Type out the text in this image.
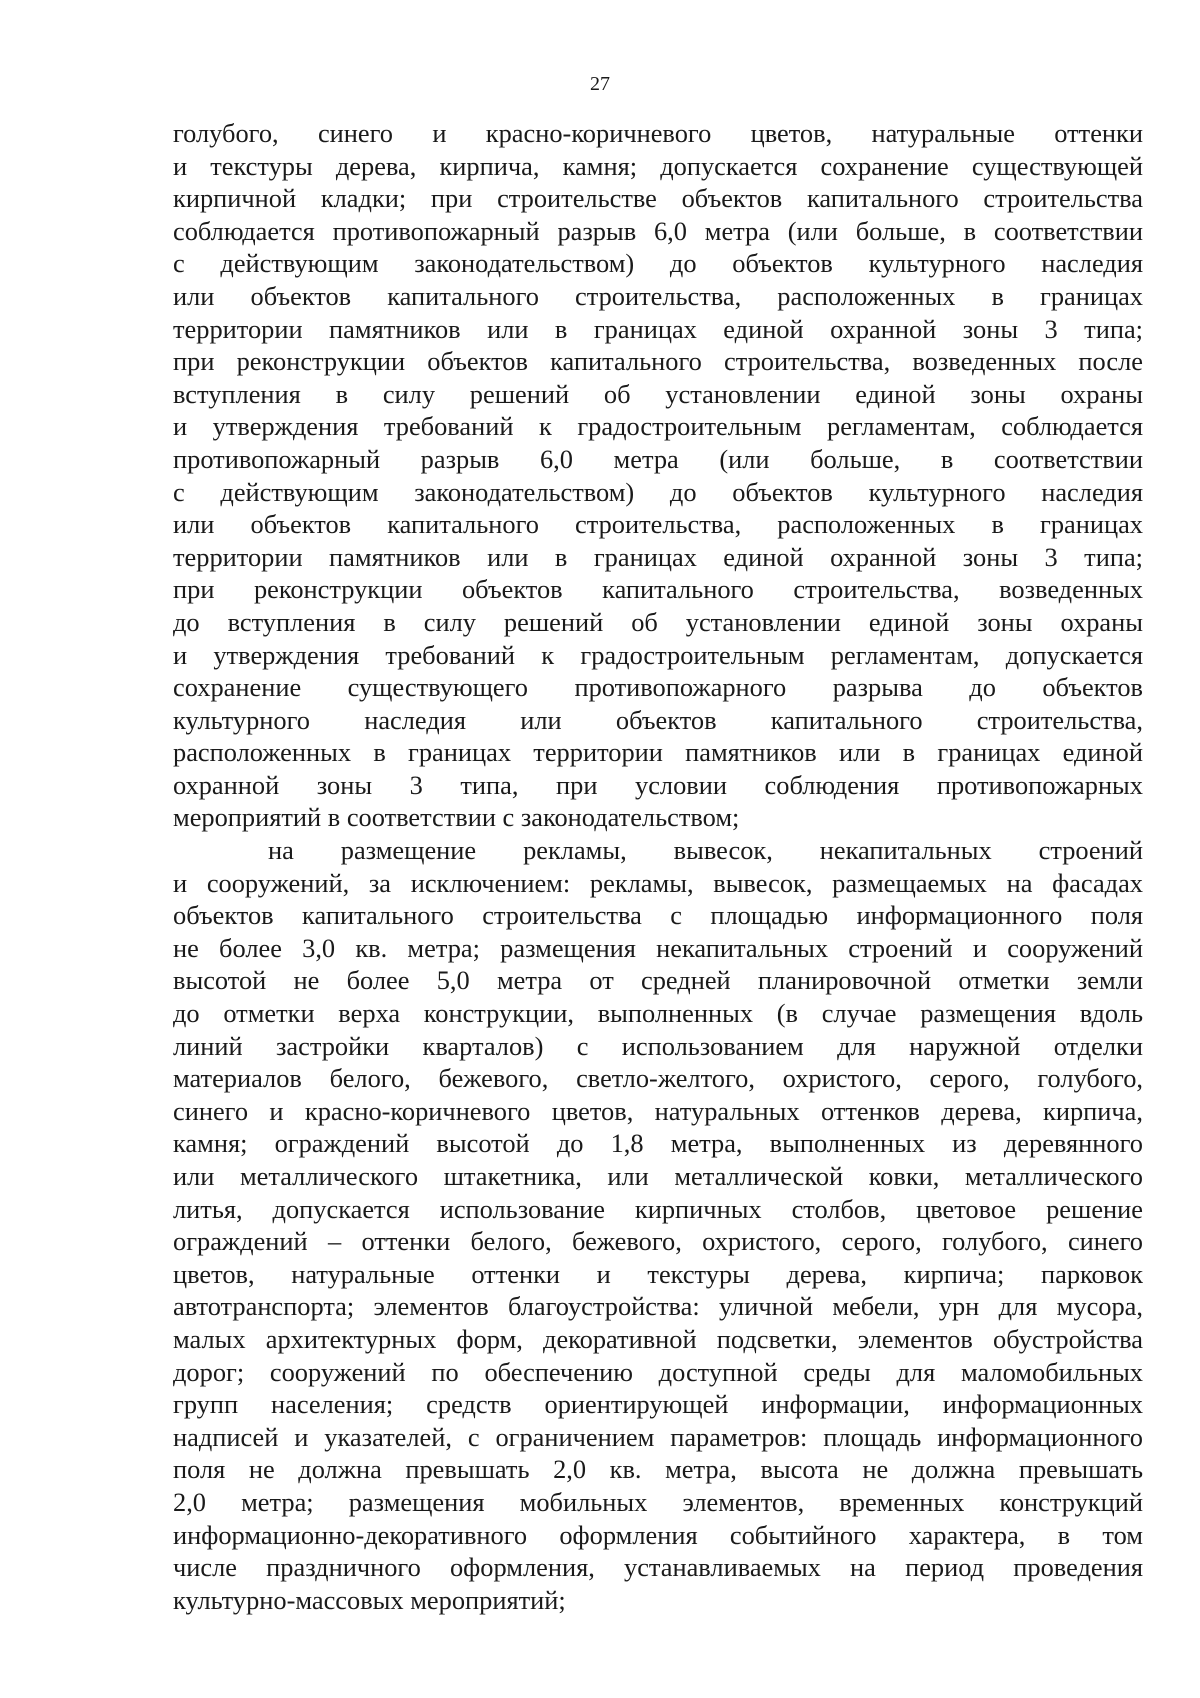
27
голубого, синего и красно-коричневого цветов, натуральные оттенки
и текстуры дерева, кирпича, камня; допускается сохранение существующей
кирпичной кладки; при строительстве объектов капитального строительства
соблюдается противопожарный разрыв 6,0 метра (или больше, в соответствии
с действующим законодательством) до объектов культурного наследия
или объектов капитального строительства, расположенных в границах
территории памятников или в границах единой охранной зоны 3 типа;
при реконструкции объектов капитального строительства, возведенных после
вступления в силу решений об установлении единой зоны охраны
и утверждения требований к градостроительным регламентам, соблюдается
противопожарный разрыв 6,0 метра (или больше, в соответствии
с действующим законодательством) до объектов культурного наследия
или объектов капитального строительства, расположенных в границах
территории памятников или в границах единой охранной зоны 3 типа;
при реконструкции объектов капитального строительства, возведенных
до вступления в силу решений об установлении единой зоны охраны
и утверждения требований к градостроительным регламентам, допускается
сохранение существующего противопожарного разрыва до объектов
культурного наследия или объектов капитального строительства,
расположенных в границах территории памятников или в границах единой
охранной зоны 3 типа, при условии соблюдения противопожарных
мероприятий в соответствии с законодательством;
на размещение рекламы, вывесок, некапитальных строений
и сооружений, за исключением: рекламы, вывесок, размещаемых на фасадах
объектов капитального строительства с площадью информационного поля
не более 3,0 кв. метра; размещения некапитальных строений и сооружений
высотой не более 5,0 метра от средней планировочной отметки земли
до отметки верха конструкции, выполненных (в случае размещения вдоль
линий застройки кварталов) с использованием для наружной отделки
материалов белого, бежевого, светло-желтого, охристого, серого, голубого,
синего и красно-коричневого цветов, натуральных оттенков дерева, кирпича,
камня; ограждений высотой до 1,8 метра, выполненных из деревянного
или металлического штакетника, или металлической ковки, металлического
литья, допускается использование кирпичных столбов, цветовое решение
ограждений – оттенки белого, бежевого, охристого, серого, голубого, синего
цветов, натуральные оттенки и текстуры дерева, кирпича; парковок
автотранспорта; элементов благоустройства: уличной мебели, урн для мусора,
малых архитектурных форм, декоративной подсветки, элементов обустройства
дорог; сооружений по обеспечению доступной среды для маломобильных
групп населения; средств ориентирующей информации, информационных
надписей и указателей, с ограничением параметров: площадь информационного
поля не должна превышать 2,0 кв. метра, высота не должна превышать
2,0 метра; размещения мобильных элементов, временных конструкций
информационно-декоративного оформления событийного характера, в том
числе праздничного оформления, устанавливаемых на период проведения
культурно-массовых мероприятий;
